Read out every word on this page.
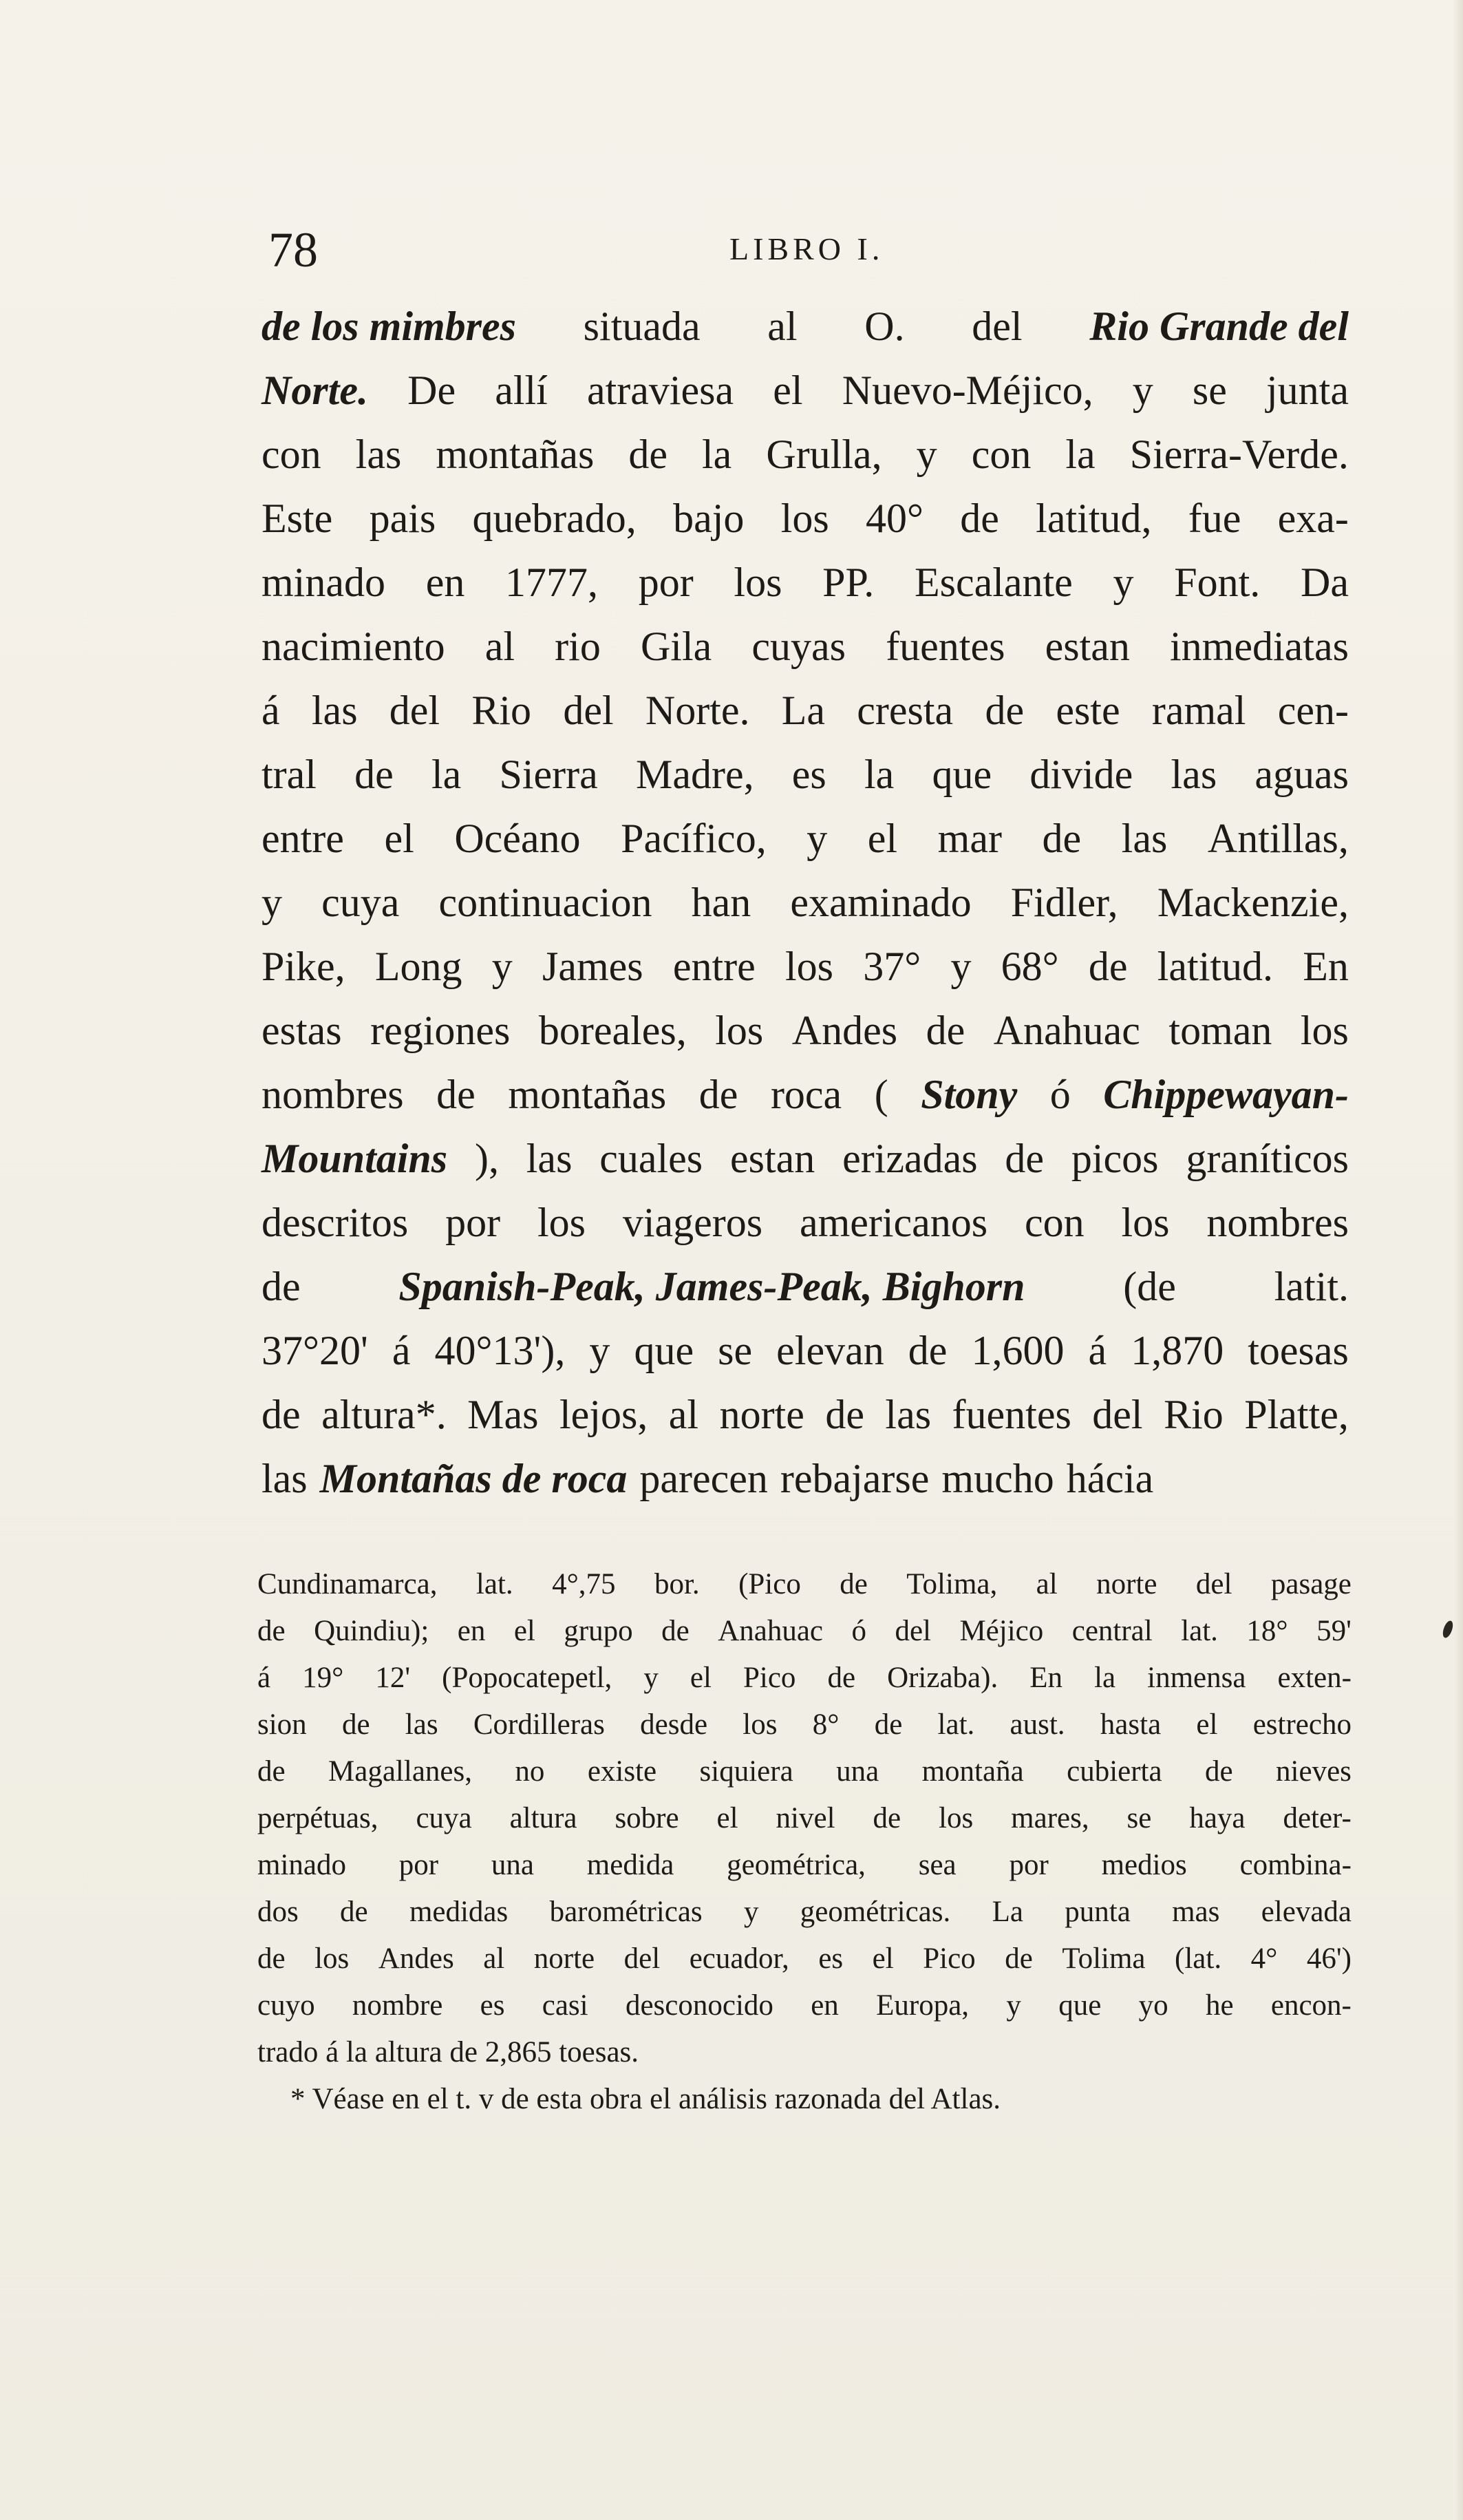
78	LIBRO I.
de los mimbres situada al O. del Rio Grande del
Norte. De allí atraviesa el Nuevo-Méjico, y se junta
con las montañas de la Grulla, y con la Sierra-Verde.
Este pais quebrado, bajo los 40° de latitud, fue exa-
minado en 1777, por los PP. Escalante y Font. Da
nacimiento al rio Gila cuyas fuentes estan inmediatas
á las del Rio del Norte. La cresta de este ramal cen-
tral de la Sierra Madre, es la que divide las aguas
entre el Océano Pacífico, y el mar de las Antillas,
y cuya continuacion han examinado Fidler, Mackenzie,
Pike, Long y James entre los 37° y 68° de latitud. En
estas regiones boreales, los Andes de Anahuac toman los
nombres de montañas de roca ( Stony ó Chippewayan-
Mountains ), las cuales estan erizadas de picos graníticos
descritos por los viageros americanos con los nombres
de Spanish-Peak, James-Peak, Bighorn (de latit.
37°20' á 40°13'), y que se elevan de 1,600 á 1,870 toesas
de altura*. Mas lejos, al norte de las fuentes del Rio Platte,
las Montañas de roca parecen rebajarse mucho hácia
Cundinamarca, lat. 4°,75 bor. (Pico de Tolima, al norte del pasage
de Quindiu); en el grupo de Anahuac ó del Méjico central lat. 18° 59'
á 19° 12' (Popocatepetl, y el Pico de Orizaba). En la inmensa exten-
sion de las Cordilleras desde los 8° de lat. aust. hasta el estrecho
de Magallanes, no existe siquiera una montaña cubierta de nieves
perpétuas, cuya altura sobre el nivel de los mares, se haya deter-
minado por una medida geométrica, sea por medios combina-
dos de medidas barométricas y geométricas. La punta mas elevada
de los Andes al norte del ecuador, es el Pico de Tolima (lat. 4° 46')
cuyo nombre es casi desconocido en Europa, y que yo he encon-
trado á la altura de 2,865 toesas.
* Véase en el t. v de esta obra el análisis razonada del Atlas.
